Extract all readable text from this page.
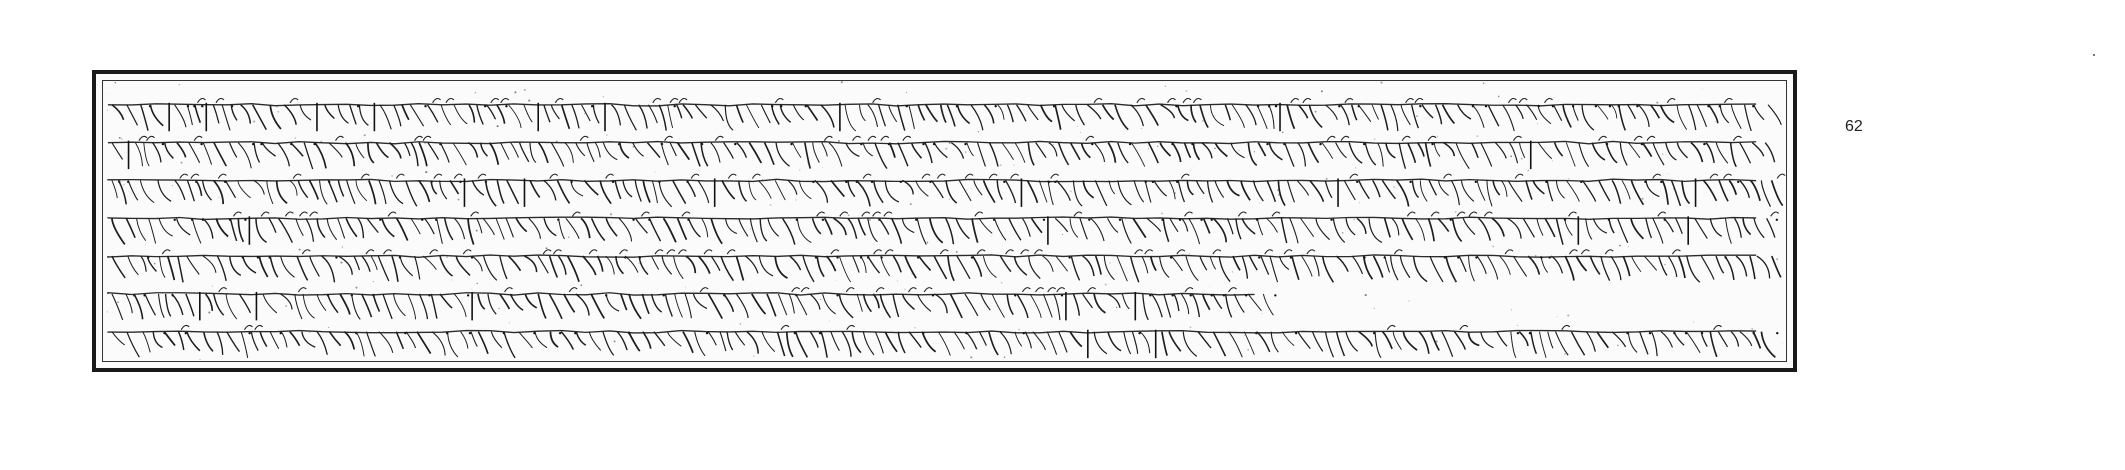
62
